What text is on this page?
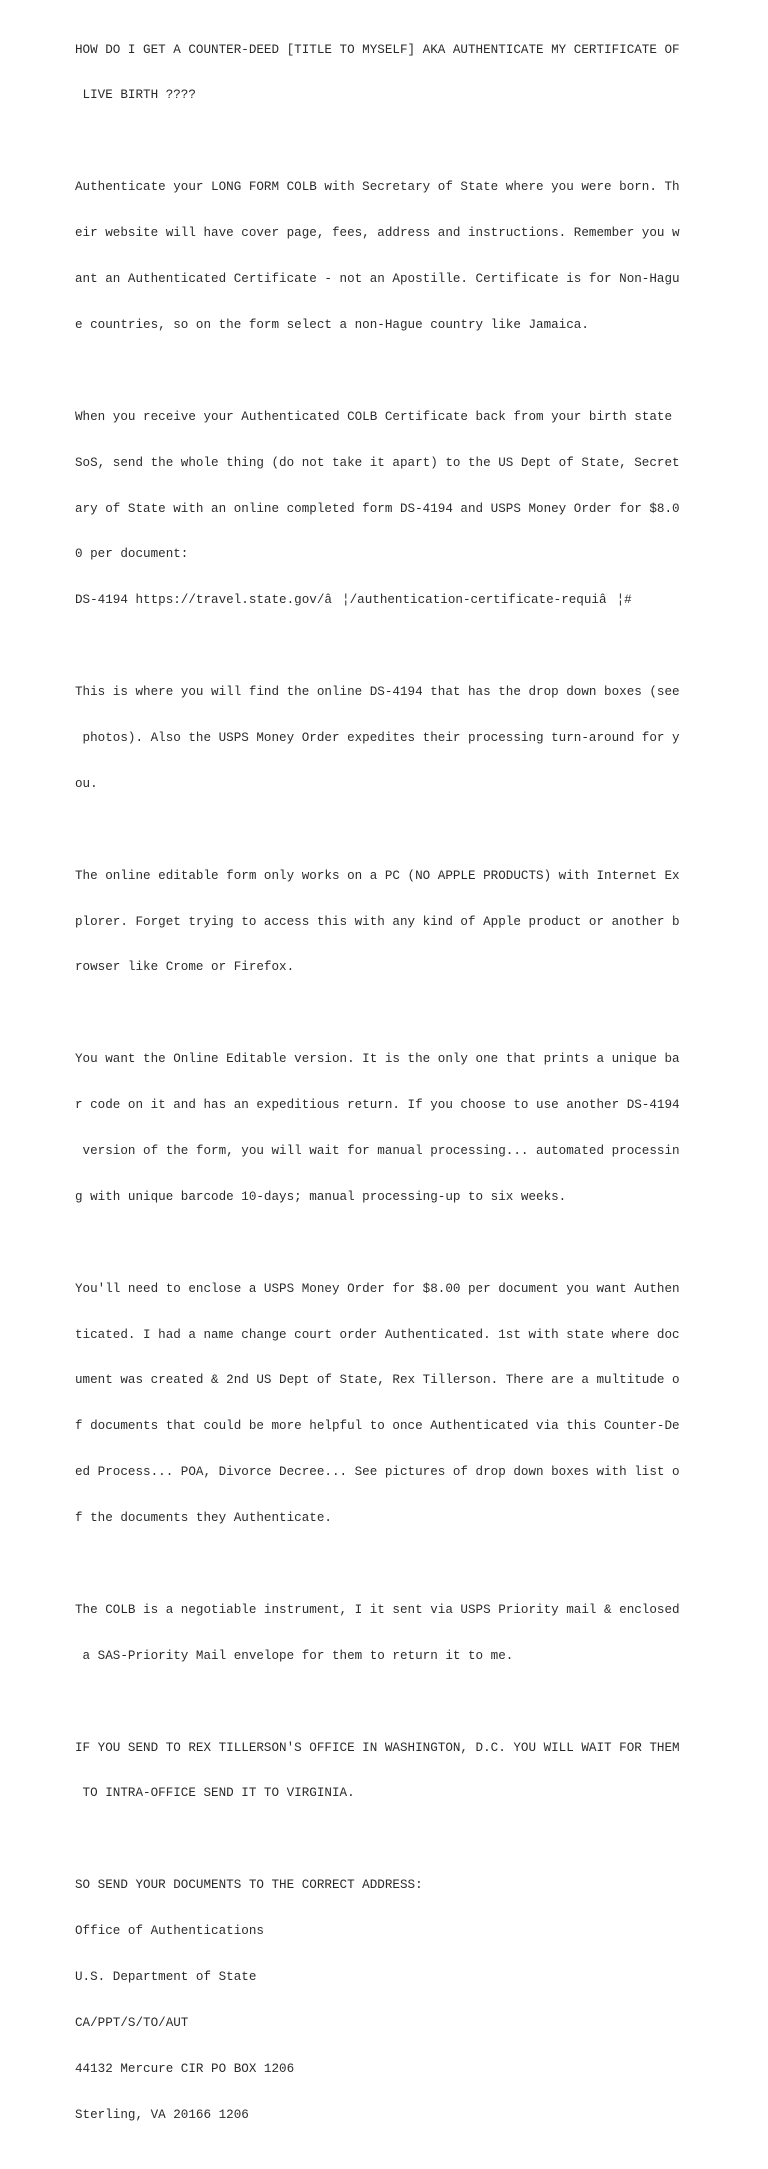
HOW DO I GET A COUNTER-DEED [TITLE TO MYSELF] AKA AUTHENTICATE MY CERTIFICATE OF

LIVE BIRTH ????

Authenticate your LONG FORM COLB with Secretary of State where you were born. Th

eir website will have cover page, fees, address and instructions. Remember you w

ant an Authenticated Certificate - not an Apostille. Certificate is for Non-Hagu

e countries, so on the form select a non-Hague country like Jamaica.

When you receive your Authenticated COLB Certificate back from your birth state

SoS, send the whole thing (do not take it apart) to the US Dept of State, Secret

ary of State with an online completed form DS-4194 and USPS Money Order for $8.0

0 per document:

DS-4194 https://travel.state.gov/â¦/authentication-certificate-requiâ¦#

This is where you will find the online DS-4194 that has the drop down boxes (see

photos). Also the USPS Money Order expedites their processing turn-around for y

ou.

The online editable form only works on a PC (NO APPLE PRODUCTS) with Internet Ex

plorer. Forget trying to access this with any kind of Apple product or another b

rowser like Crome or Firefox.

You want the Online Editable version. It is the only one that prints a unique ba

r code on it and has an expeditious return. If you choose to use another DS-4194

version of the form, you will wait for manual processing... automated processin

g with unique barcode 10-days; manual processing-up to six weeks.

You'll need to enclose a USPS Money Order for $8.00 per document you want Authen

ticated. I had a name change court order Authenticated. 1st with state where doc

ument was created & 2nd US Dept of State, Rex Tillerson. There are a multitude o

f documents that could be more helpful to once Authenticated via this Counter-De

ed Process... POA, Divorce Decree... See pictures of drop down boxes with list o

f the documents they Authenticate.

The COLB is a negotiable instrument, I it sent via USPS Priority mail & enclosed

a SAS-Priority Mail envelope for them to return it to me.

IF YOU SEND TO REX TILLERSON'S OFFICE IN WASHINGTON, D.C. YOU WILL WAIT FOR THEM

TO INTRA-OFFICE SEND IT TO VIRGINIA.

SO SEND YOUR DOCUMENTS TO THE CORRECT ADDRESS:

Office of Authentications

U.S. Department of State

CA/PPT/S/TO/AUT

44132 Mercure CIR PO BOX 1206

Sterling, VA 20166 1206
